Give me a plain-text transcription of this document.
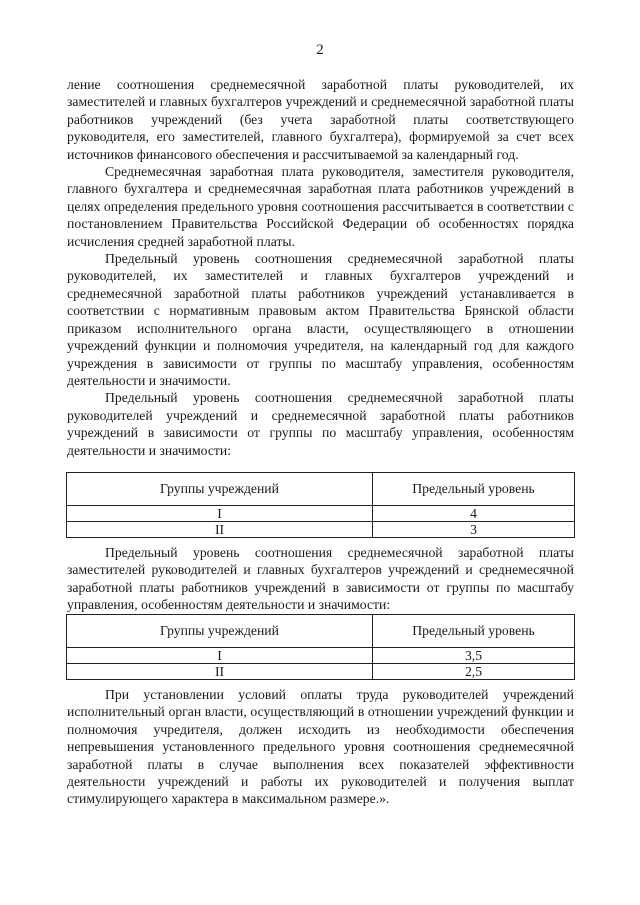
2

ление соотношения среднемесячной заработной платы руководителей, их заместителей и главных бухгалтеров учреждений и среднемесячной заработной платы работников учреждений (без учета заработной платы соответствующего руководителя, его заместителей, главного бухгалтера), формируемой за счет всех источников финансового обеспечения и рассчитываемой за календарный год.

Среднемесячная заработная плата руководителя, заместителя руководителя, главного бухгалтера и среднемесячная заработная плата работников учреждений в целях определения предельного уровня соотношения рассчитывается в соответствии с постановлением Правительства Российской Федерации об особенностях порядка исчисления средней заработной платы.

Предельный уровень соотношения среднемесячной заработной платы руководителей, их заместителей и главных бухгалтеров учреждений и среднемесячной заработной платы работников учреждений устанавливается в соответствии с нормативным правовым актом Правительства Брянской области приказом исполнительного органа власти, осуществляющего в отношении учреждений функции и полномочия учредителя, на календарный год для каждого учреждения в зависимости от группы по масштабу управления, особенностям деятельности и значимости.

Предельный уровень соотношения среднемесячной заработной платы руководителей учреждений и среднемесячной заработной платы работников учреждений в зависимости от группы по масштабу управления, особенностям деятельности и значимости:

Группы учреждений	Предельный уровень
I	4
II	3

Предельный уровень соотношения среднемесячной заработной платы заместителей руководителей и главных бухгалтеров учреждений и среднемесячной заработной платы работников учреждений в зависимости от группы по масштабу управления, особенностям деятельности и значимости:

Группы учреждений	Предельный уровень
I	3,5
II	2,5

При установлении условий оплаты труда руководителей учреждений исполнительный орган власти, осуществляющий в отношении учреждений функции и полномочия учредителя, должен исходить из необходимости обеспечения непревышения установленного предельного уровня соотношения среднемесячной заработной платы в случае выполнения всех показателей эффективности деятельности учреждений и работы их руководителей и получения выплат стимулирующего характера в максимальном размере.».
